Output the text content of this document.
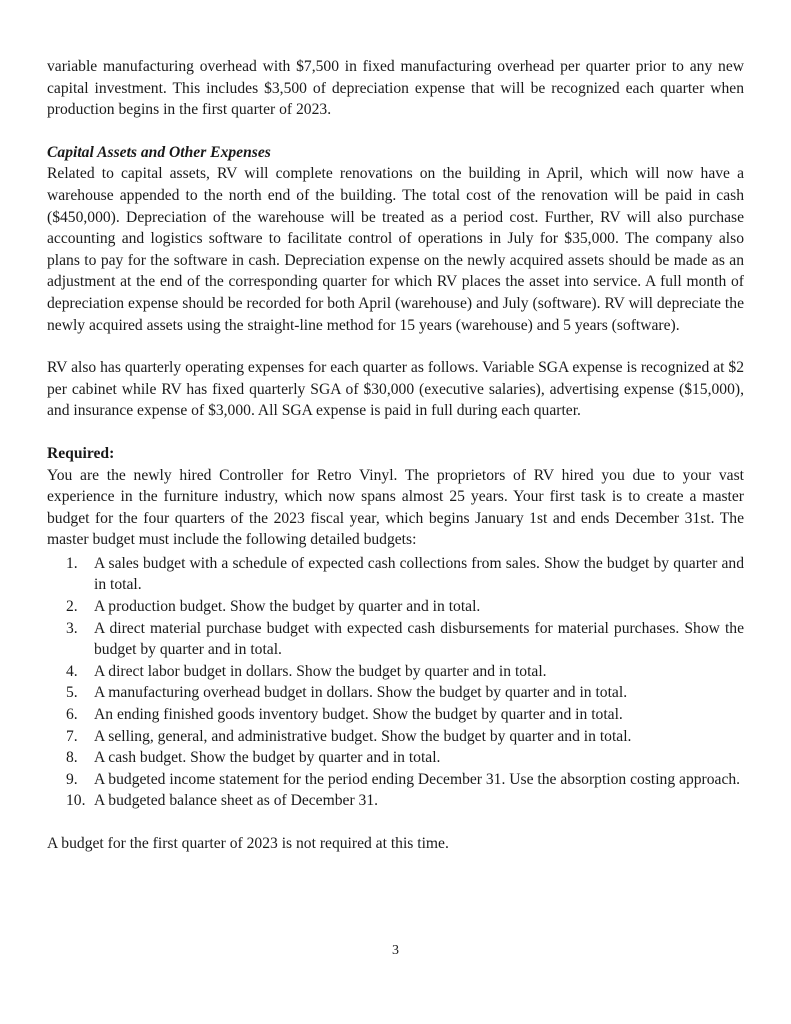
variable manufacturing overhead with $7,500 in fixed manufacturing overhead per quarter prior to any new capital investment. This includes $3,500 of depreciation expense that will be recognized each quarter when production begins in the first quarter of 2023.

Capital Assets and Other Expenses

Related to capital assets, RV will complete renovations on the building in April, which will now have a warehouse appended to the north end of the building. The total cost of the renovation will be paid in cash ($450,000). Depreciation of the warehouse will be treated as a period cost. Further, RV will also purchase accounting and logistics software to facilitate control of operations in July for $35,000. The company also plans to pay for the software in cash. Depreciation expense on the newly acquired assets should be made as an adjustment at the end of the corresponding quarter for which RV places the asset into service. A full month of depreciation expense should be recorded for both April (warehouse) and July (software). RV will depreciate the newly acquired assets using the straight-line method for 15 years (warehouse) and 5 years (software).

RV also has quarterly operating expenses for each quarter as follows. Variable SGA expense is recognized at $2 per cabinet while RV has fixed quarterly SGA of $30,000 (executive salaries), advertising expense ($15,000), and insurance expense of $3,000. All SGA expense is paid in full during each quarter.

Required:

You are the newly hired Controller for Retro Vinyl. The proprietors of RV hired you due to your vast experience in the furniture industry, which now spans almost 25 years. Your first task is to create a master budget for the four quarters of the 2023 fiscal year, which begins January 1st and ends December 31st. The master budget must include the following detailed budgets:

1.	A sales budget with a schedule of expected cash collections from sales. Show the budget by quarter and in total.
2.	A production budget. Show the budget by quarter and in total.
3.	A direct material purchase budget with expected cash disbursements for material purchases. Show the budget by quarter and in total.
4.	A direct labor budget in dollars. Show the budget by quarter and in total.
5.	A manufacturing overhead budget in dollars. Show the budget by quarter and in total.
6.	An ending finished goods inventory budget. Show the budget by quarter and in total.
7.	A selling, general, and administrative budget. Show the budget by quarter and in total.
8.	A cash budget. Show the budget by quarter and in total.
9.	A budgeted income statement for the period ending December 31. Use the absorption costing approach.
10. A budgeted balance sheet as of December 31.

A budget for the first quarter of 2023 is not required at this time.

3
